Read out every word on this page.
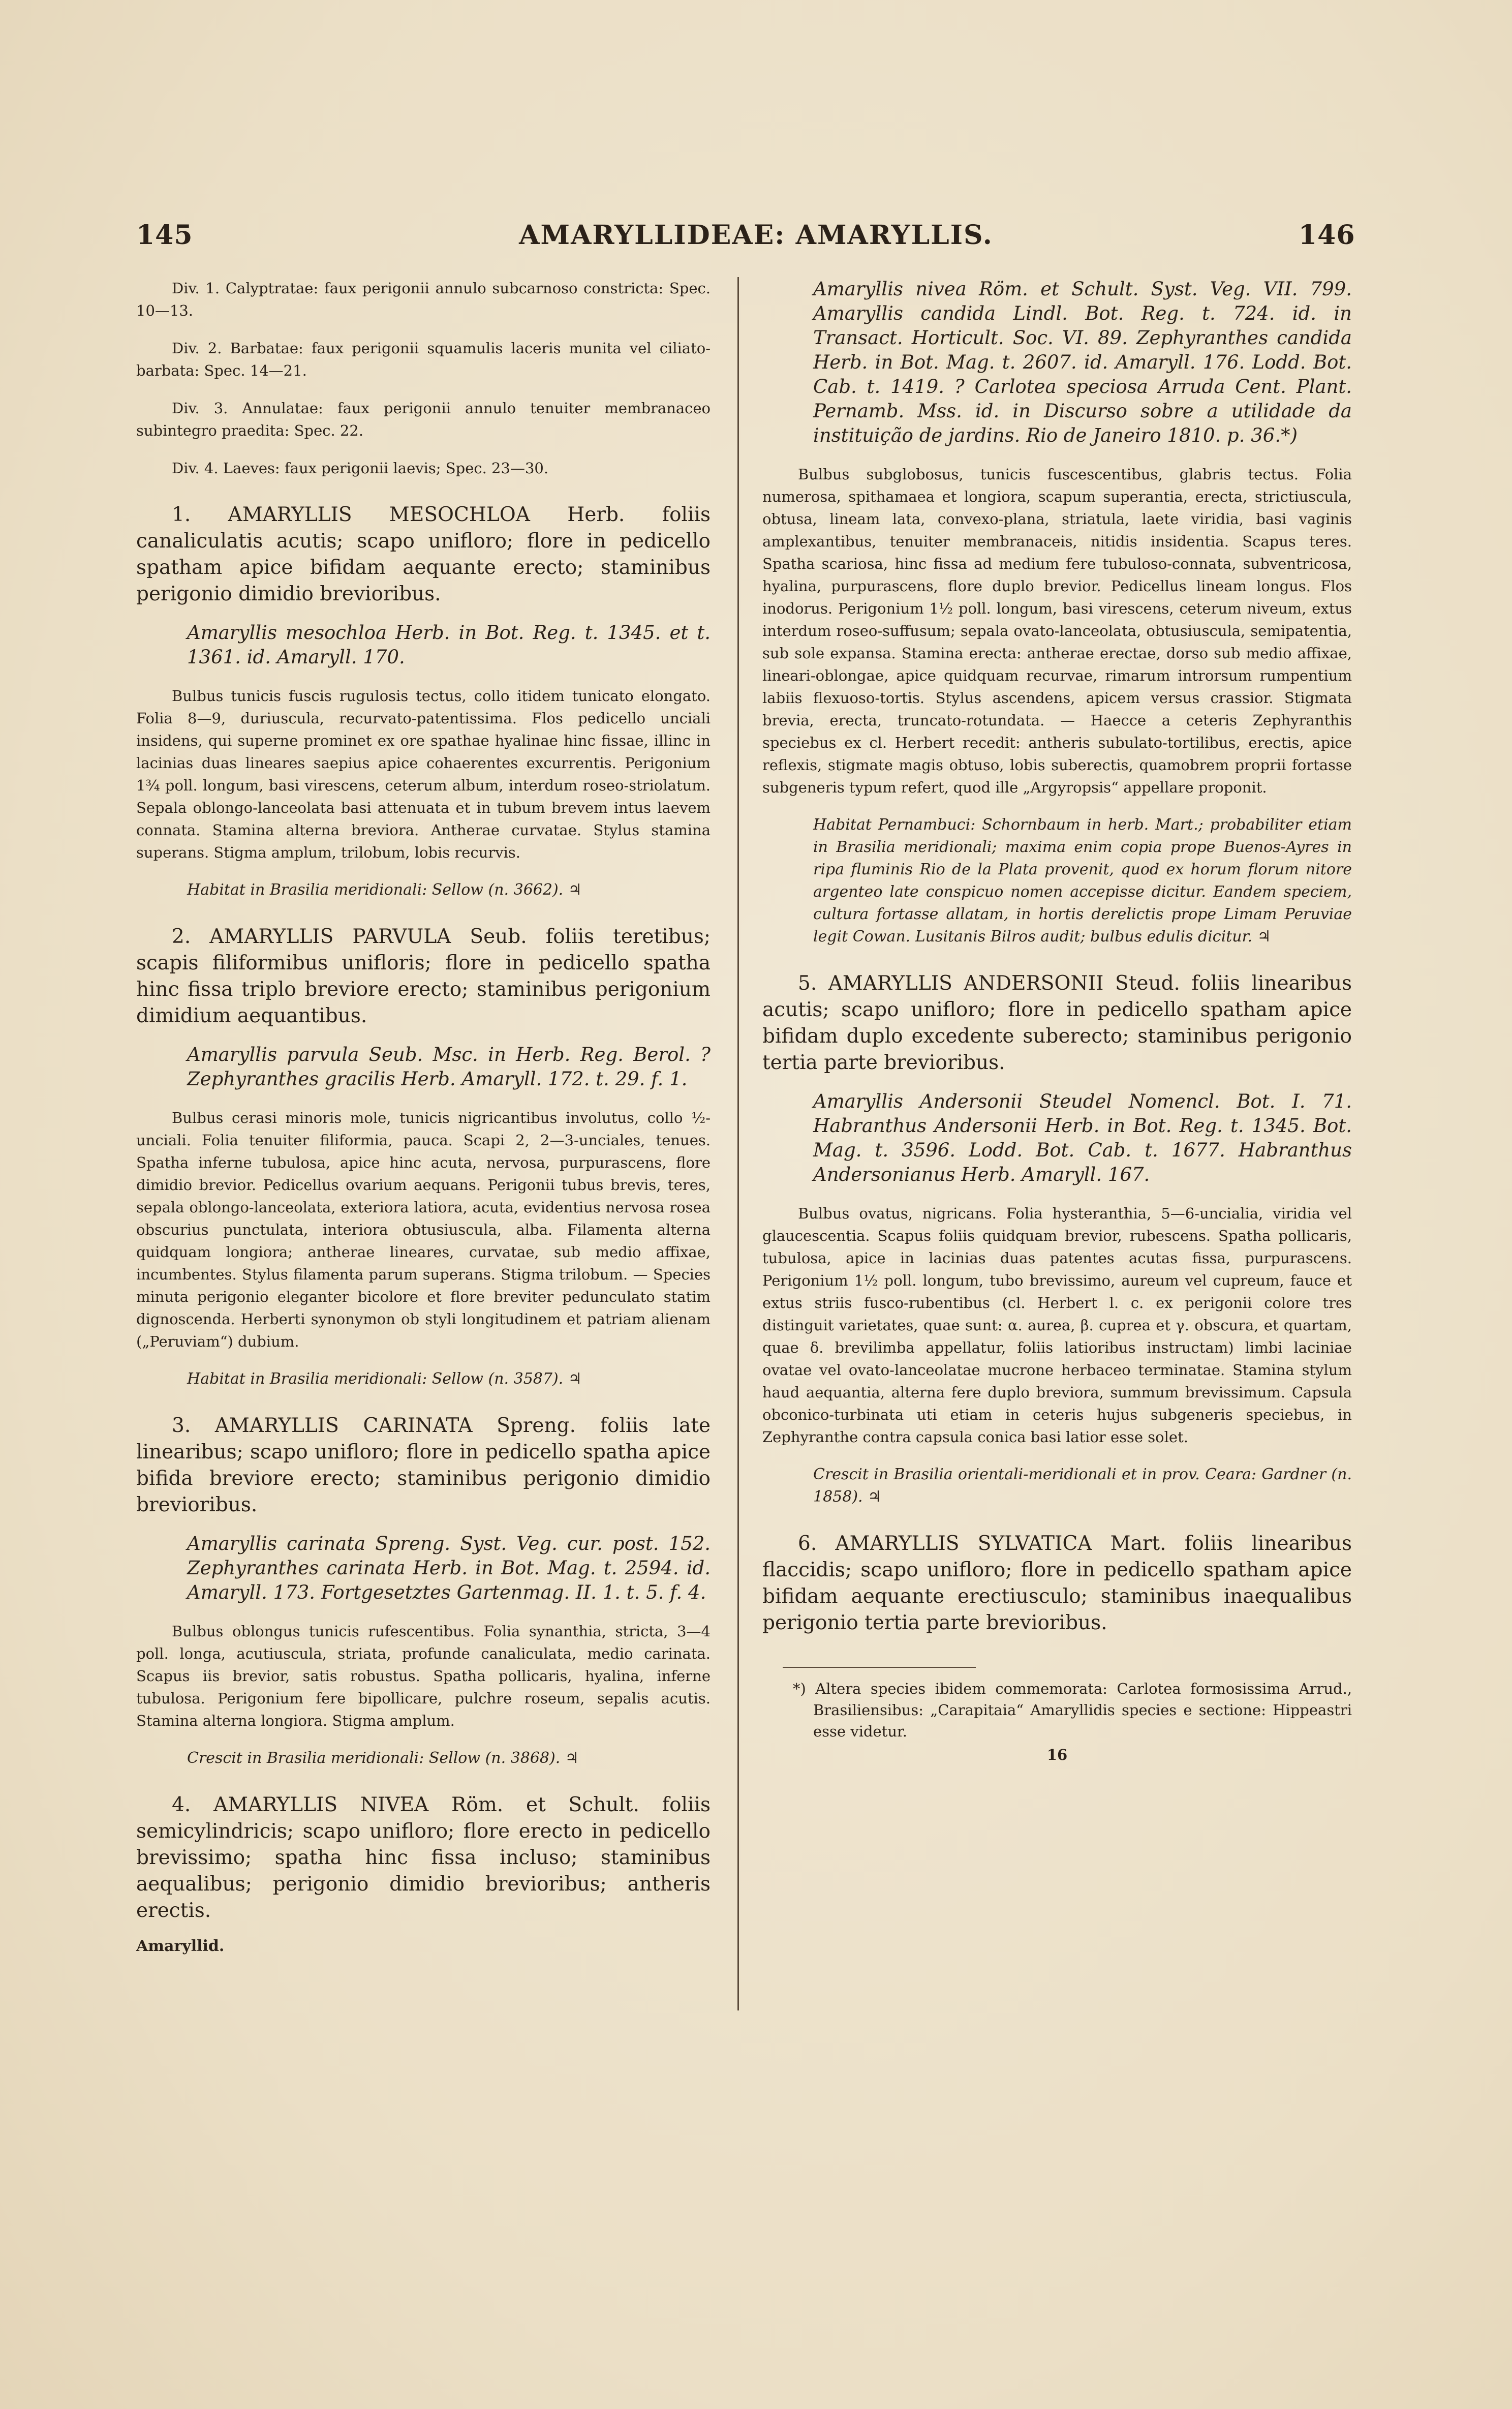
145	AMARYLLIDEAE: AMARYLLIS.	146

Div. 1. Calyptratae: faux perigonii annulo subcarnoso constricta: Spec. 10—13.

Div. 2. Barbatae: faux perigonii squamulis laceris munita vel ciliato-barbata: Spec. 14—21.

Div. 3. Annulatae: faux perigonii annulo tenuiter membranaceo subintegro praedita: Spec. 22.

Div. 4. Laeves: faux perigonii laevis; Spec. 23—30.

1. AMARYLLIS MESOCHLOA Herb. foliis canaliculatis acutis; scapo unifloro; flore in pedicello spatham apice bifidam aequante erecto; staminibus perigonio dimidio brevioribus.

Amaryllis mesochloa Herb. in Bot. Reg. t. 1345. et t. 1361. id. Amaryll. 170.

Bulbus tunicis fuscis rugulosis tectus, collo itidem tunicato elongato. Folia 8—9, duriuscula, recurvato-patentissima. Flos pedicello unciali insidens, qui superne prominet ex ore spathae hyalinae hinc fissae, illinc in lacinias duas lineares saepius apice cohaerentes excurrentis. Perigonium 1¾ poll. longum, basi virescens, ceterum album, interdum roseo-striolatum. Sepala oblongo-lanceolata basi attenuata et in tubum brevem intus laevem connata. Stamina alterna breviora. Antherae curvatae. Stylus stamina superans. Stigma amplum, trilobum, lobis recurvis.

Habitat in Brasilia meridionali: Sellow (n. 3662). ♃

2. AMARYLLIS PARVULA Seub. foliis teretibus; scapis filiformibus unifloris; flore in pedicello spatha hinc fissa triplo breviore erecto; staminibus perigonium dimidium aequantibus.

Amaryllis parvula Seub. Msc. in Herb. Reg. Berol. ? Zephyranthes gracilis Herb. Amaryll. 172. t. 29. f. 1.

Bulbus cerasi minoris mole, tunicis nigricantibus involutus, collo ½-unciali. Folia tenuiter filiformia, pauca. Scapi 2, 2—3-unciales, tenues. Spatha inferne tubulosa, apice hinc acuta, nervosa, purpurascens, flore dimidio brevior. Pedicellus ovarium aequans. Perigonii tubus brevis, teres, sepala oblongo-lanceolata, exteriora latiora, acuta, evidentius nervosa rosea obscurius punctulata, interiora obtusiuscula, alba. Filamenta alterna quidquam longiora; antherae lineares, curvatae, sub medio affixae, incumbentes. Stylus filamenta parum superans. Stigma trilobum. — Species minuta perigonio eleganter bicolore et flore breviter pedunculato statim dignoscenda. Herberti synonymon ob styli longitudinem et patriam alienam („Peruviam“) dubium.

Habitat in Brasilia meridionali: Sellow (n. 3587). ♃

3. AMARYLLIS CARINATA Spreng. foliis late linearibus; scapo unifloro; flore in pedicello spatha apice bifida breviore erecto; staminibus perigonio dimidio brevioribus.

Amaryllis carinata Spreng. Syst. Veg. cur. post. 152. Zephyranthes carinata Herb. in Bot. Mag. t. 2594. id. Amaryll. 173. Fortgesetztes Gartenmag. II. 1. t. 5. f. 4.

Bulbus oblongus tunicis rufescentibus. Folia synanthia, stricta, 3—4 poll. longa, acutiuscula, striata, profunde canaliculata, medio carinata. Scapus iis brevior, satis robustus. Spatha pollicaris, hyalina, inferne tubulosa. Perigonium fere bipollicare, pulchre roseum, sepalis acutis. Stamina alterna longiora. Stigma amplum.

Crescit in Brasilia meridionali: Sellow (n. 3868). ♃

4. AMARYLLIS NIVEA Röm. et Schult. foliis semicylindricis; scapo unifloro; flore erecto in pedicello brevissimo; spatha hinc fissa incluso; staminibus aequalibus; perigonio dimidio brevioribus; antheris erectis.

Amaryllid.

Amaryllis nivea Röm. et Schult. Syst. Veg. VII. 799. Amaryllis candida Lindl. Bot. Reg. t. 724. id. in Transact. Horticult. Soc. VI. 89. Zephyranthes candida Herb. in Bot. Mag. t. 2607. id. Amaryll. 176. Lodd. Bot. Cab. t. 1419. ? Carlotea speciosa Arruda Cent. Plant. Pernamb. Mss. id. in Discurso sobre a utilidade da instituição de jardins. Rio de Janeiro 1810. p. 36.*)

Bulbus subglobosus, tunicis fuscescentibus, glabris tectus. Folia numerosa, spithamaea et longiora, scapum superantia, erecta, strictiuscula, obtusa, lineam lata, convexo-plana, striatula, laete viridia, basi vaginis amplexantibus, tenuiter membranaceis, nitidis insidentia. Scapus teres. Spatha scariosa, hinc fissa ad medium fere tubuloso-connata, subventricosa, hyalina, purpurascens, flore duplo brevior. Pedicellus lineam longus. Flos inodorus. Perigonium 1½ poll. longum, basi virescens, ceterum niveum, extus interdum roseo-suffusum; sepala ovato-lanceolata, obtusiuscula, semipatentia, sub sole expansa. Stamina erecta: antherae erectae, dorso sub medio affixae, lineari-oblongae, apice quidquam recurvae, rimarum introrsum rumpentium labiis flexuoso-tortis. Stylus ascendens, apicem versus crassior. Stigmata brevia, erecta, truncato-rotundata. — Haecce a ceteris Zephyranthis speciebus ex cl. Herbert recedit: antheris subulato-tortilibus, erectis, apice reflexis, stigmate magis obtuso, lobis suberectis, quamobrem proprii fortasse subgeneris typum refert, quod ille „Argyropsis“ appellare proponit.

Habitat Pernambuci: Schornbaum in herb. Mart.; probabiliter etiam in Brasilia meridionali; maxima enim copia prope Buenos-Ayres in ripa fluminis Rio de la Plata provenit, quod ex horum florum nitore argenteo late conspicuo nomen accepisse dicitur. Eandem speciem, cultura fortasse allatam, in hortis derelictis prope Limam Peruviae legit Cowan. Lusitanis Bilros audit; bulbus edulis dicitur. ♃

5. AMARYLLIS ANDERSONII Steud. foliis linearibus acutis; scapo unifloro; flore in pedicello spatham apice bifidam duplo excedente suberecto; staminibus perigonio tertia parte brevioribus.

Amaryllis Andersonii Steudel Nomencl. Bot. I. 71. Habranthus Andersonii Herb. in Bot. Reg. t. 1345. Bot. Mag. t. 3596. Lodd. Bot. Cab. t. 1677. Habranthus Andersonianus Herb. Amaryll. 167.

Bulbus ovatus, nigricans. Folia hysteranthia, 5—6-uncialia, viridia vel glaucescentia. Scapus foliis quidquam brevior, rubescens. Spatha pollicaris, tubulosa, apice in lacinias duas patentes acutas fissa, purpurascens. Perigonium 1½ poll. longum, tubo brevissimo, aureum vel cupreum, fauce et extus striis fusco-rubentibus (cl. Herbert l. c. ex perigonii colore tres distinguit varietates, quae sunt: α. aurea, β. cuprea et γ. obscura, et quartam, quae δ. brevilimba appellatur, foliis latioribus instructam) limbi laciniae ovatae vel ovato-lanceolatae mucrone herbaceo terminatae. Stamina stylum haud aequantia, alterna fere duplo breviora, summum brevissimum. Capsula obconico-turbinata uti etiam in ceteris hujus subgeneris speciebus, in Zephyranthe contra capsula conica basi latior esse solet.

Crescit in Brasilia orientali-meridionali et in prov. Ceara: Gardner (n. 1858). ♃

6. AMARYLLIS SYLVATICA Mart. foliis linearibus flaccidis; scapo unifloro; flore in pedicello spatham apice bifidam aequante erectiusculo; staminibus inaequalibus perigonio tertia parte brevioribus.

*) Altera species ibidem commemorata: Carlotea formosissima Arrud., Brasiliensibus: „Carapitaia“ Amaryllidis species e sectione: Hippeastri esse videtur.

16
